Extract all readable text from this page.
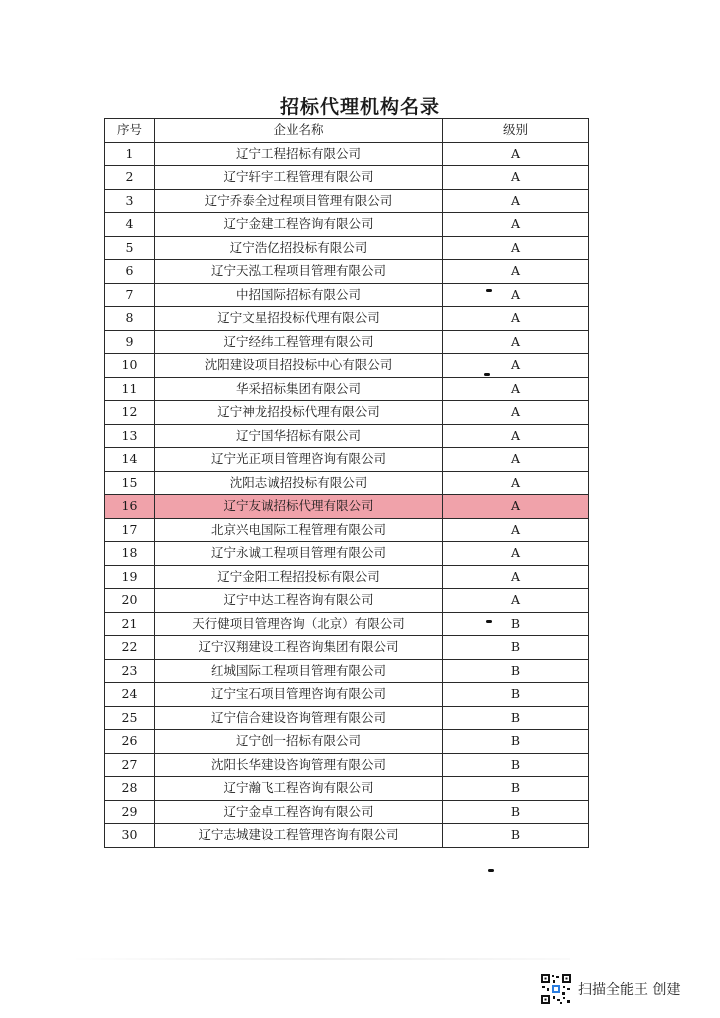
招标代理机构名录
序号	企业名称	级别
1	辽宁工程招标有限公司	A
2	辽宁轩宇工程管理有限公司	A
3	辽宁乔泰全过程项目管理有限公司	A
4	辽宁金建工程咨询有限公司	A
5	辽宁浩亿招投标有限公司	A
6	辽宁天泓工程项目管理有限公司	A
7	中招国际招标有限公司	A
8	辽宁文星招投标代理有限公司	A
9	辽宁经纬工程管理有限公司	A
10	沈阳建设项目招投标中心有限公司	A
11	华采招标集团有限公司	A
12	辽宁神龙招投标代理有限公司	A
13	辽宁国华招标有限公司	A
14	辽宁光正项目管理咨询有限公司	A
15	沈阳志诚招投标有限公司	A
16	辽宁友诚招标代理有限公司	A
17	北京兴电国际工程管理有限公司	A
18	辽宁永诚工程项目管理有限公司	A
19	辽宁金阳工程招投标有限公司	A
20	辽宁中达工程咨询有限公司	A
21	天行健项目管理咨询（北京）有限公司	B
22	辽宁汉翔建设工程咨询集团有限公司	B
23	红城国际工程项目管理有限公司	B
24	辽宁宝石项目管理咨询有限公司	B
25	辽宁信合建设咨询管理有限公司	B
26	辽宁创一招标有限公司	B
27	沈阳长华建设咨询管理有限公司	B
28	辽宁瀚飞工程咨询有限公司	B
29	辽宁金卓工程咨询有限公司	B
30	辽宁志城建设工程管理咨询有限公司	B
扫描全能王 创建
